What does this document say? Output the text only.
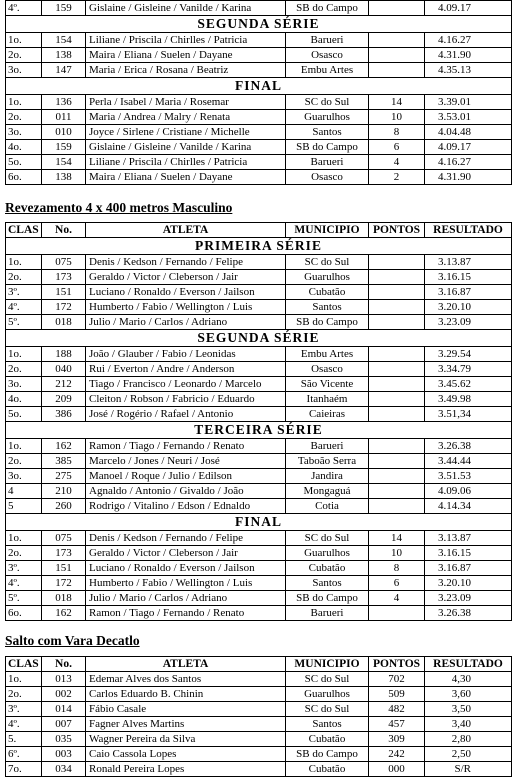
4º.	159	Gislaine / Gisleine / Vanilde / Karina	SB do Campo		4.09.17
SEGUNDA SÉRIE					
1o.	154	Liliane / Priscila / Chirlles / Patricia	Barueri		4.16.27
2o.	138	Maira / Eliana / Suelen / Dayane	Osasco		4.31.90
3o.	147	Maria / Erica / Rosana / Beatriz	Embu Artes		4.35.13
FINAL					
1o.	136	Perla / Isabel / Maria / Rosemar	SC do Sul	14	3.39.01
2o.	011	Maria / Andrea / Malry / Renata	Guarulhos	10	3.53.01
3o.	010	Joyce / Sirlene / Cristiane / Michelle	Santos	8	4.04.48
4o.	159	Gislaine / Gisleine / Vanilde / Karina	SB do Campo	6	4.09.17
5o.	154	Liliane / Priscila / Chirlles / Patricia	Barueri	4	4.16.27
6o.	138	Maira / Eliana / Suelen / Dayane	Osasco	2	4.31.90
Revezamento 4 x 400 metros Masculino
CLAS	No.	ATLETA	MUNICIPIO	PONTOS	RESULTADO
PRIMEIRA SÉRIE					
1o.	075	Denis / Kedson / Fernando / Felipe	SC do Sul		3.13.87
2o.	173	Geraldo / Victor / Cleberson / Jair	Guarulhos		3.16.15
3º.	151	Luciano / Ronaldo / Everson / Jailson	Cubatão		3.16.87
4º.	172	Humberto / Fabio / Wellington / Luis	Santos		3.20.10
5º.	018	Julio / Mario / Carlos / Adriano	SB do Campo		3.23.09
SEGUNDA SÉRIE					
1o.	188	João / Glauber / Fabio / Leonidas	Embu Artes		3.29.54
2o.	040	Rui / Everton / Andre / Anderson	Osasco		3.34.79
3o.	212	Tiago / Francisco / Leonardo / Marcelo	São Vicente		3.45.62
4o.	209	Cleiton / Robson / Fabricio / Eduardo	Itanhaém		3.49.98
5o.	386	José / Rogério / Rafael / Antonio	Caieiras		3.51,34
TERCEIRA SÉRIE					
1o.	162	Ramon / Tiago / Fernando / Renato	Barueri		3.26.38
2o.	385	Marcelo / Jones / Neuri / José	Taboão Serra		3.44.44
3o.	275	Manoel / Roque / Julio / Edilson	Jandira		3.51.53
4	210	Agnaldo / Antonio / Givaldo / João	Mongaguá		4.09.06
5	260	Rodrigo / Vitalino / Edson / Ednaldo	Cotia		4.14.34
FINAL					
1o.	075	Denis / Kedson / Fernando / Felipe	SC do Sul	14	3.13.87
2o.	173	Geraldo / Victor / Cleberson / Jair	Guarulhos	10	3.16.15
3º.	151	Luciano / Ronaldo / Everson / Jailson	Cubatão	8	3.16.87
4º.	172	Humberto / Fabio / Wellington / Luis	Santos	6	3.20.10
5º.	018	Julio / Mario / Carlos / Adriano	SB do Campo	4	3.23.09
6o.	162	Ramon / Tiago / Fernando / Renato	Barueri		3.26.38
Salto com Vara Decatlo
CLAS	No.	ATLETA	MUNICIPIO	PONTOS	RESULTADO
1o.	013	Edemar Alves dos Santos	SC do Sul	702	4,30
2o.	002	Carlos Eduardo B. Chinin	Guarulhos	509	3,60
3º.	014	Fábio Casale	SC do Sul	482	3,50
4º.	007	Fagner Alves Martins	Santos	457	3,40
5.	035	Wagner Pereira da Silva	Cubatão	309	2,80
6º.	003	Caio Cassola Lopes	SB do Campo	242	2,50
7o.	034	Ronald Pereira Lopes	Cubatão	000	S/R
